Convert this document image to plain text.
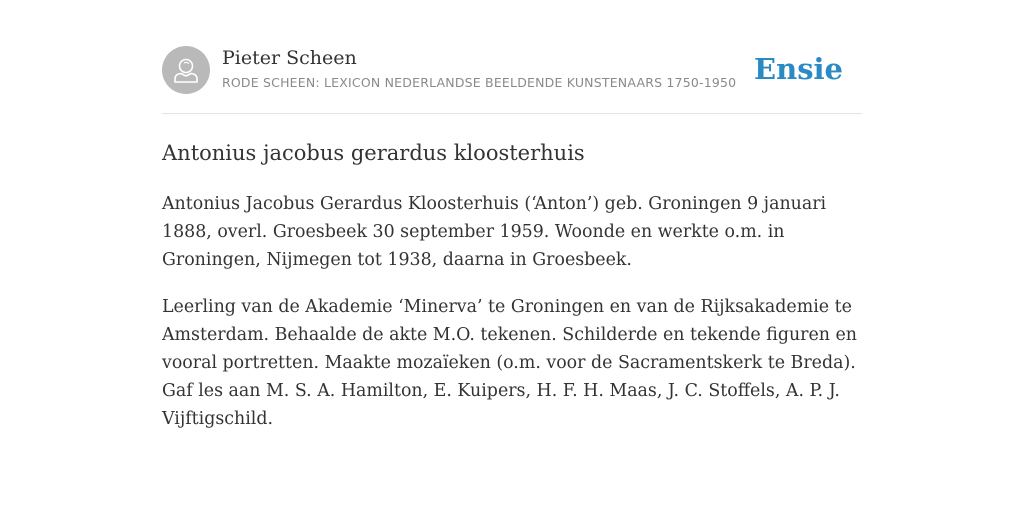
Pieter Scheen
RODE SCHEEN: LEXICON NEDERLANDSE BEELDENDE KUNSTENAARS 1750-1950 Ensie
Antonius jacobus gerardus kloosterhuis

Antonius Jacobus Gerardus Kloosterhuis (‘Anton’) geb. Groningen 9 januari 1888, overl. Groesbeek 30 september 1959. Woonde en werkte o.m. in Groningen, Nijmegen tot 1938, daarna in Groesbeek.

Leerling van de Akademie ‘Minerva’ te Groningen en van de Rijksakademie te Amsterdam. Behaalde de akte M.O. tekenen. Schilderde en tekende figuren en vooral portretten. Maakte mozaïeken (o.m. voor de Sacramentskerk te Breda). Gaf les aan M. S. A. Hamilton, E. Kuipers, H. F. H. Maas, J. C. Stoffels, A. P. J. Vijftigschild.
